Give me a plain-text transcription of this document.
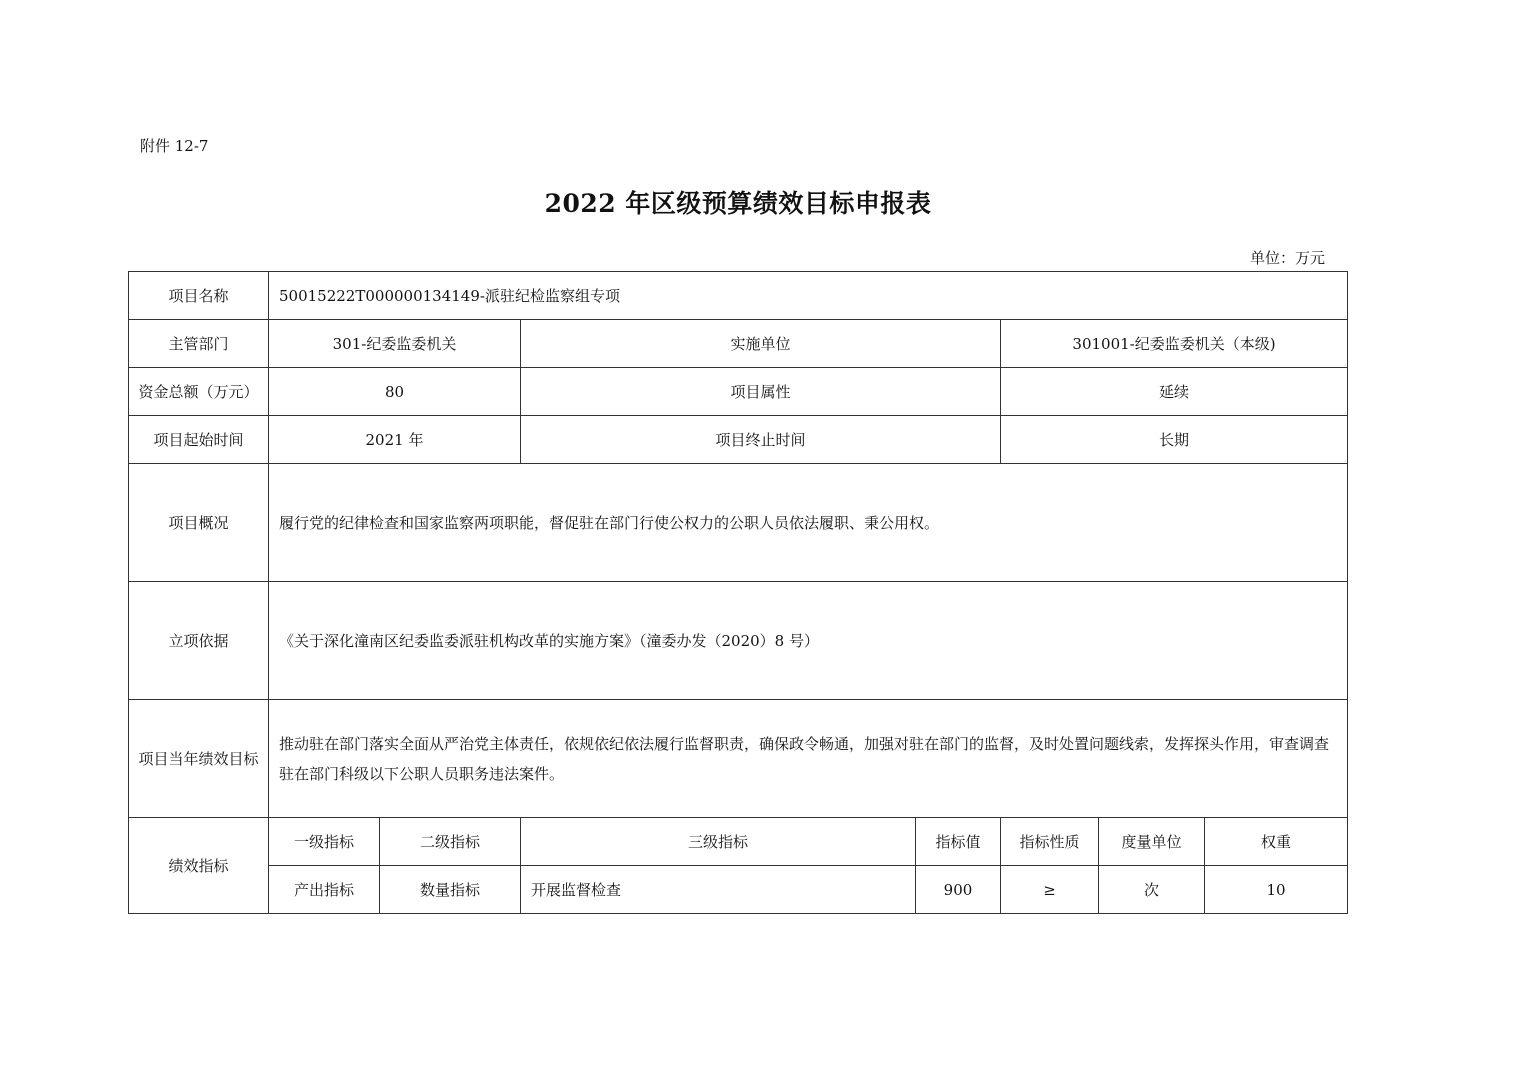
附件 12-7
2022 年区级预算绩效目标申报表
单位：万元
项目名称	50015222T000000134149-派驻纪检监察组专项						
主管部门	301-纪委监委机关		实施单位		301001-纪委监委机关（本级)		
资金总额（万元）	80		项目属性		延续		
项目起始时间	2021 年		项目终止时间		长期		
项目概况	履行党的纪律检查和国家监察两项职能，督促驻在部门行使公权力的公职人员依法履职、秉公用权。						
立项依据	《关于深化潼南区纪委监委派驻机构改革的实施方案》（潼委办发（2020）8 号）						
项目当年绩效目标	推动驻在部门落实全面从严治党主体责任，依规依纪依法履行监督职责，确保政令畅通，加强对驻在部门的监督，及时处置问题线索，发挥探头作用，审查调查驻在部门科级以下公职人员职务违法案件。						
绩效指标	一级指标	二级指标	三级指标	指标值	指标性质	度量单位	权重
	产出指标	数量指标	开展监督检查	900	≥	次	10
